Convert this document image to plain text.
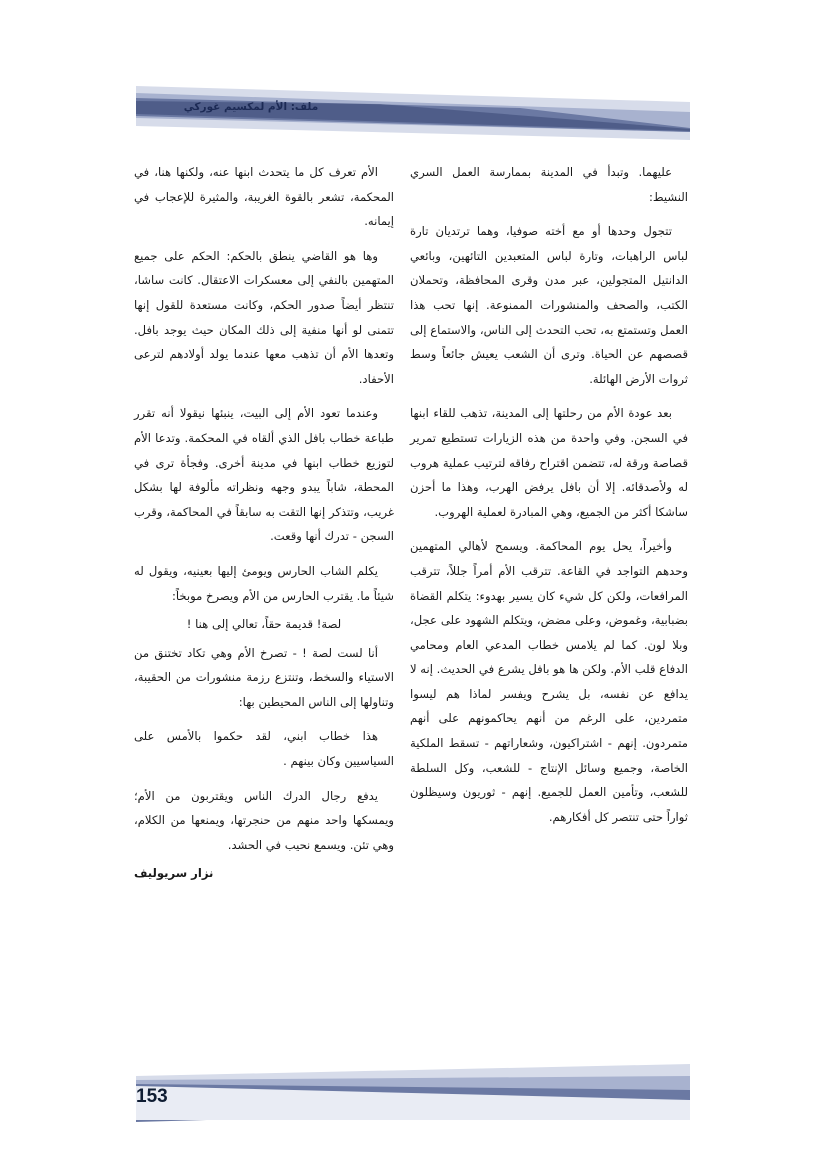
ملف: الأم لمكسيم غوركي

عليهما. وتبدأ في المدينة بممارسة العمل السري النشيط:

تتجول وحدها أو مع أخته صوفيا، وهما ترتديان تارة لباس الراهبات، وتارة لباس المتعبدين التائهين، وبائعي الدانتيل المتجولين، عبر مدن وقرى المحافظة، وتحملان الكتب، والصحف والمنشورات الممنوعة. إنها تحب هذا العمل وتستمتع به، تحب التحدث إلى الناس، والاستماع إلى قصصهم عن الحياة. وترى أن الشعب يعيش جائعاً وسط ثروات الأرض الهائلة.

بعد عودة الأم من رحلتها إلى المدينة، تذهب للقاء ابنها في السجن. وفي واحدة من هذه الزيارات تستطيع تمرير قصاصة ورقة له، تتضمن اقتراح رفاقه لترتيب عملية هروب له ولأصدقائه. إلا أن بافل يرفض الهرب، وهذا ما أحزن ساشكا أكثر من الجميع، وهي المبادرة لعملية الهروب.

وأخيراً، يحل يوم المحاكمة. ويسمح لأهالي المتهمين وحدهم التواجد في القاعة. تترقب الأم أمراً جللاً، تترقب المرافعات، ولكن كل شيء كان يسير بهدوء: يتكلم القضاة بضبابية، وغموض، وعلى مضض، ويتكلم الشهود على عجل، وبلا لون. كما لم يلامس خطاب المدعي العام ومحامي الدفاع قلب الأم. ولكن ها هو بافل يشرع في الحديث. إنه لا يدافع عن نفسه، بل يشرح ويفسر لماذا هم ليسوا متمردين، على الرغم من أنهم يحاكمونهم على أنهم متمردون. إنهم - اشتراكيون، وشعاراتهم - تسقط الملكية الخاصة، وجميع وسائل الإنتاج - للشعب، وكل السلطة للشعب، وتأمين العمل للجميع. إنهم - ثوريون وسيظلون ثواراً حتى تنتصر كل أفكارهم.

الأم تعرف كل ما يتحدث ابنها عنه، ولكنها هنا، في المحكمة، تشعر بالقوة الغريبة، والمثيرة للإعجاب في إيمانه.

وها هو القاضي ينطق بالحكم: الحكم على جميع المتهمين بالنفي إلى معسكرات الاعتقال. كانت ساشا، تنتظر أيضاً صدور الحكم، وكانت مستعدة للقول إنها تتمنى لو أنها منفية إلى ذلك المكان حيث يوجد بافل. وتعدها الأم أن تذهب معها عندما يولد أولادهم لترعى الأحفاد.

وعندما تعود الأم إلى البيت، ينبئها نيقولا أنه تقرر طباعة خطاب بافل الذي ألقاه في المحكمة. وتدعا الأم لتوزيع خطاب ابنها في مدينة أخرى. وفجأة ترى في المحطة، شاباً يبدو وجهه ونظراته مألوفة لها بشكل غريب، وتتذكر إنها التقت به سابقاً في المحاكمة، وقرب السجن - تدرك أنها وقعت.

يكلم الشاب الحارس ويومئ إليها بعينيه، ويقول له شيئاً ما. يقترب الحارس من الأم ويصرخ موبخاً:

لصة! قديمة حقاً، تعالي إلى هنا !

أنا لست لصة ! - تصرخ الأم وهي تكاد تختنق من الاستياء والسخط، وتنتزع رزمة منشورات من الحقيبة، وتناولها إلى الناس المحيطين بها:

هذا خطاب ابني، لقد حكموا بالأمس على السياسيين وكان بينهم .

يدفع رجال الدرك الناس ويقتربون من الأم؛ ويمسكها واحد منهم من حنجرتها، ويمنعها من الكلام، وهي تئن. ويسمع نحيب في الحشد.

نزار سريوليف
153
